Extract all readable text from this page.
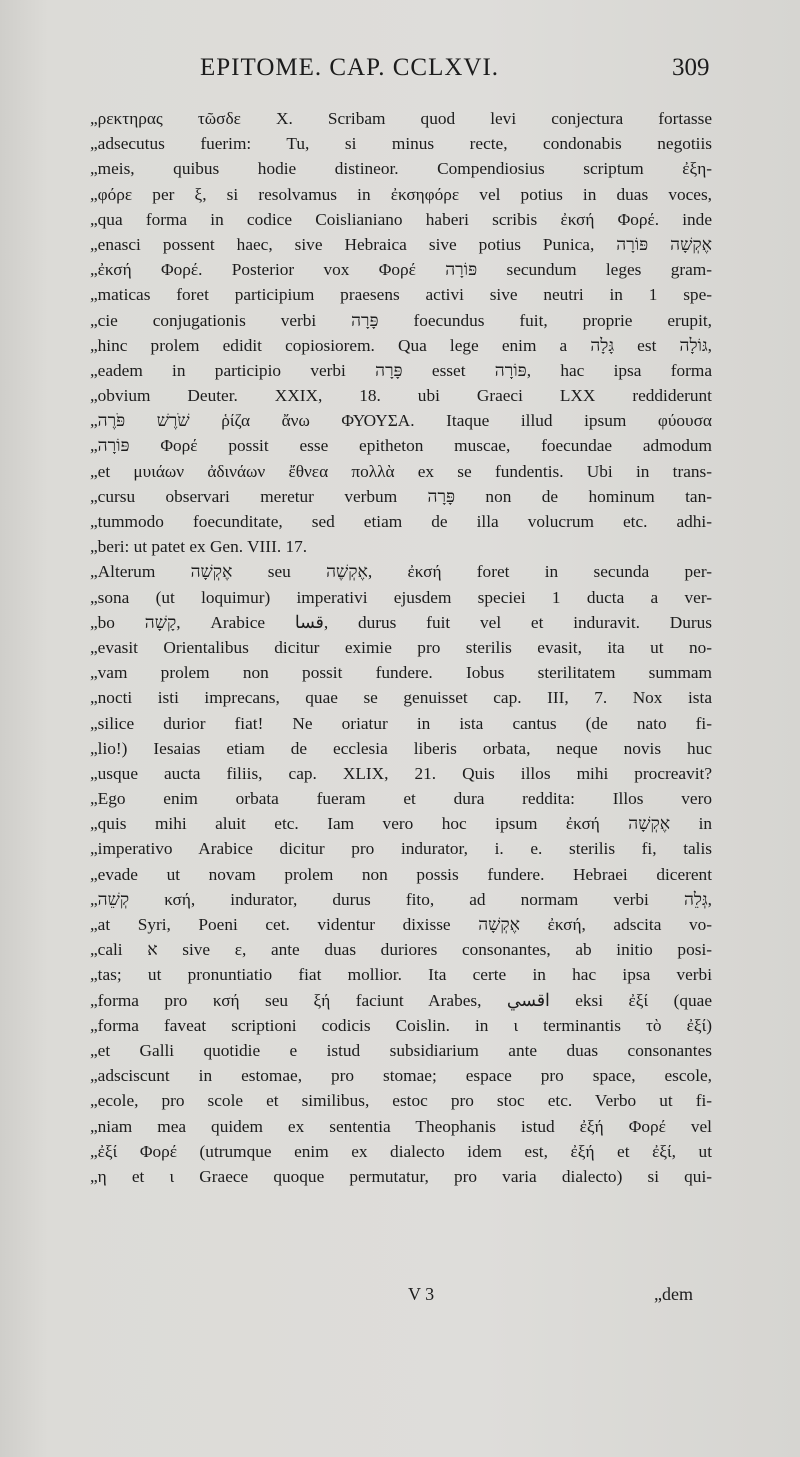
EPITOME. CAP. CCLXVI.	309
„ρεκτηρας τῶσδε Χ. Scribam quod levi conjectura fortasse
„adsecutus fuerim: Tu, si minus recte, condonabis negotiis
„meis, quibus hodie distineor. Compendiosius scriptum ἐξη-
„φόρε per ξ, si resolvamus in ἐκσηφόρε vel potius in duas voces,
„qua forma in codice Coislianiano haberi scribis ἐκσή Φορέ. inde
„enasci possent haec, sive Hebraica sive potius Punica, אֶקְשָׁה פּוֹרָה
„ἐκσή Φορέ. Posterior vox Φορέ פּוֹרָה secundum leges gram-
„maticas foret participium praesens activi sive neutri in 1 spe-
„cie conjugationis verbi פָּרָה foecundus fuit, proprie erupit,
„hinc prolem edidit copiosiorem. Qua lege enim a גָּלָה est גּוֹלָה,
„eadem in participio verbi פָּרָה esset פּוֹרָה, hac ipsa forma
„obvium Deuter. XXIX, 18. ubi Graeci LXX reddiderunt
„שֹׁרֶשׁ פֹּרֶה ῥίζα ἄνω ΦΥΟΥΣΑ. Itaque illud ipsum φύουσα
„פּוֹרָה Φορέ possit esse epitheton muscae, foecundae admodum
„et μυιάων ἀδινάων ἔθνεα πολλὰ ex se fundentis. Ubi in trans-
„cursu observari meretur verbum פָּרָה non de hominum tan-
„tummodo foecunditate, sed etiam de illa volucrum etc. adhi-
„beri: ut patet ex Gen. VIII. 17.
„Alterum אֶקְשָׁה seu אֶקְשֶׁה, ἐκσή foret in secunda per-
„sona (ut loquimur) imperativi ejusdem speciei 1 ducta a ver-
„bo קָשָׁה, Arabice قسا, durus fuit vel et induravit. Durus
„evasit Orientalibus dicitur eximie pro sterilis evasit, ita ut no-
„vam prolem non possit fundere. Iobus sterilitatem summam
„nocti isti imprecans, quae se genuisset cap. III, 7. Nox ista
„silice durior fiat! Ne oriatur in ista cantus (de nato fi-
„lio!) Iesaias etiam de ecclesia liberis orbata, neque novis huc
„usque aucta filiis, cap. XLIX, 21. Quis illos mihi procreavit?
„Ego enim orbata fueram et dura reddita: Illos vero
„quis mihi aluit etc. Iam vero hoc ipsum ἐκσή אֶקְשָׁה in
„imperativo Arabice dicitur pro indurator, i. e. sterilis fi, talis
„evade ut novam prolem non possis fundere. Hebraei dicerent
„קְשֵׁה κσή, indurator, durus fito, ad normam verbi גְּלֵה,
„at Syri, Poeni cet. videntur dixisse אֶקְשָׁה ἐκσή, adscita vo-
„cali א sive ε, ante duas duriores consonantes, ab initio posi-
„tas; ut pronuntiatio fiat mollior. Ita certe in hac ipsa verbi
„forma pro κσή seu ξή faciunt Arabes, اقسي eksi ἐξί (quae
„forma faveat scriptioni codicis Coislin. in ι terminantis τὸ ἐξί)
„et Galli quotidie e istud subsidiarium ante duas consonantes
„adsciscunt in estomae, pro stomae; espace pro space, escole,
„ecole, pro scole et similibus, estoc pro stoc etc. Verbo ut fi-
„niam mea quidem ex sententia Theophanis istud ἐξή Φορέ vel
„ἐξί Φορέ (utrumque enim ex dialecto idem est, ἐξή et ἐξί, ut
„η et ι Graece quoque permutatur, pro varia dialecto) si qui-
V 3	„dem
